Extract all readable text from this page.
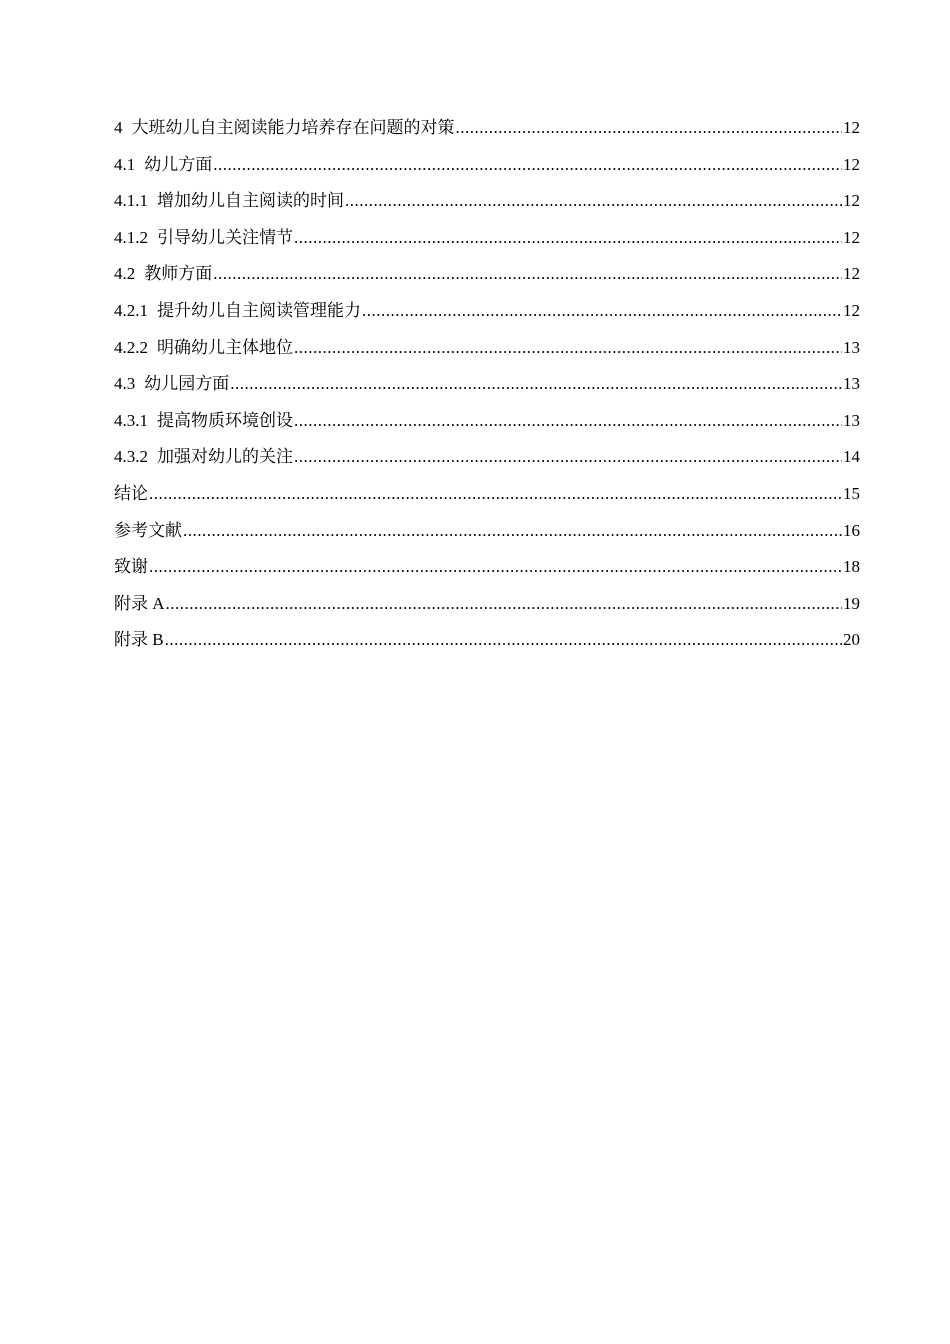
4 大班幼儿自主阅读能力培养存在问题的对策 .....	12
4.1 幼儿方面 .....	12
4.1.1 增加幼儿自主阅读的时间 .....	12
4.1.2 引导幼儿关注情节 .....	12
4.2 教师方面 .....	12
4.2.1 提升幼儿自主阅读管理能力 .....	12
4.2.2 明确幼儿主体地位 .....	13
4.3 幼儿园方面 .....	13
4.3.1 提高物质环境创设 .....	13
4.3.2 加强对幼儿的关注 .....	14
结论 .....	15
参考文献 .....	16
致谢 .....	18
附录 A .....	19
附录 B .....	20
